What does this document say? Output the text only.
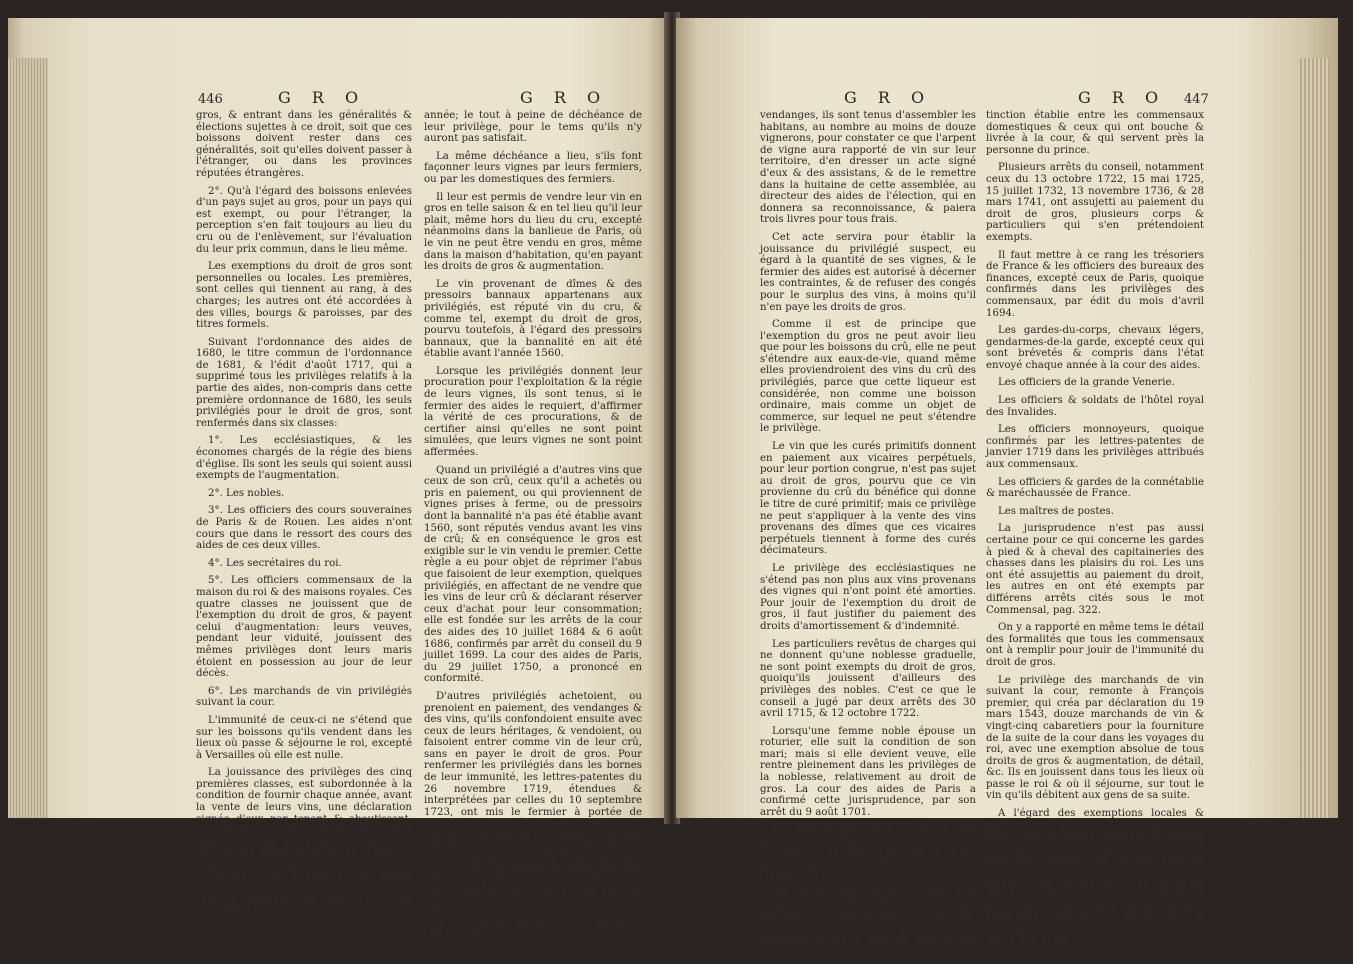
446	G R O	G R O

gros, & entrant dans les généralités & élections sujettes à ce droit, soit que ces boissons doivent rester dans ces généralités, soit qu'elles doivent passer à l'étranger, ou dans les provinces réputées étrangères.

2°. Qu'à l'égard des boissons enlevées d'un pays sujet au gros, pour un pays qui est exempt, ou pour l'étranger, la perception s'en fait toujours au lieu du cru ou de l'enlèvement, sur l'évaluation du leur prix commun, dans le lieu même.

Les exemptions du droit de gros sont personnelles ou locales. Les premières, sont celles qui tiennent au rang, à des charges; les autres ont été accordées à des villes, bourgs & paroisses, par des titres formels.

Suivant l'ordonnance des aides de 1680, le titre commun de l'ordonnance de 1681, & l'édit d'août 1717, qui a supprimé tous les privilèges relatifs à la partie des aides, non-compris dans cette première ordonnance de 1680, les seuls privilégiés pour le droit de gros, sont renfermés dans six classes:

1°. Les ecclésiastiques, & les économes chargés de la régie des biens d'église. Ils sont les seuls qui soient aussi exempts de l'augmentation.

2°. Les nobles.

3°. Les officiers des cours souveraines de Paris & de Rouen. Les aides n'ont cours que dans le ressort des cours des aides de ces deux villes.

4°. Les secrétaires du roi.

5°. Les officiers commensaux de la maison du roi & des maisons royales. Ces quatre classes ne jouissent que de l'exemption du droit de gros, & payent celui d'augmentation: leurs veuves, pendant leur viduité, jouissent des mêmes privilèges dont leurs maris étoient en possession au jour de leur décès.

6°. Les marchands de vin privilégiés suivant la cour.

L'immunité de ceux-ci ne s'étend que sur les boissons qu'ils vendent dans les lieux où passe & séjourne le roi, excepté à Versailles où elle est nulle.

La jouissance des privilèges des cinq premières classes, est subordonnée à la condition de fournir chaque année, avant la vente de leurs vins, une déclaration signée d'eux par tenant & aboutissant, contenant la quantité des vignes qui font l'objet de leur privilège, c'est-à-dire à l'égard des ecclésiastiques, de celles qui dépendent de leurs bénéfices ou titres sacerdotaux; & à l'égard des autres privilégiés, des boissons qui sont de leur cru, la quantité de vin qu'ils ont recueillie chaque

année; le tout à peine de déchéance de leur privilège, pour le tems qu'ils n'y auront pas satisfait.

La même déchéance a lieu, s'ils font façonner leurs vignes par leurs fermiers, ou par les domestiques des fermiers.

Il leur est permis de vendre leur vin en gros en telle saison & en tel lieu qu'il leur plait, même hors du lieu du cru, excepté néanmoins dans la banlieue de Paris, où le vin ne peut être vendu en gros, même dans la maison d'habitation, qu'en payant les droits de gros & augmentation.

Le vin provenant de dîmes & des pressoirs bannaux appartenans aux privilégiés, est réputé vin du cru, & comme tel, exempt du droit de gros, pourvu toutefois, à l'égard des pressoirs bannaux, que la bannalité en ait été établie avant l'année 1560.

Lorsque les privilégiés donnent leur procuration pour l'exploitation & la régie de leurs vignes, ils sont tenus, si le fermier des aides le requiert, d'affirmer la vérité de ces procurations, & de certifier ainsi qu'elles ne sont point simulées, que leurs vignes ne sont point affermées.

Quand un privilégié a d'autres vins que ceux de son crû, ceux qu'il a achetés ou pris en paiement, ou qui proviennent de vignes prises à ferme, ou de pressoirs dont la bannalité n'a pas été établie avant 1560, sont réputés vendus avant les vins de crû; & en conséquence le gros est exigible sur le vin vendu le premier. Cette règle a eu pour objet de réprimer l'abus que faisoient de leur exemption, quelques privilégiés, en affectant de ne vendre que les vins de leur crû & déclarant réserver ceux d'achat pour leur consommation; elle est fondée sur les arrêts de la cour des aides des 10 juillet 1684 & 6 août 1686, confirmés par arrêt du conseil du 9 juillet 1699. La cour des aides de Paris, du 29 juillet 1750, a prononcé en conformité.

D'autres privilégiés achetoient, ou prenoient en paiement, des vendanges & des vins, qu'ils confondoient ensuite avec ceux de leurs héritages, & vendoient, ou faisoient entrer comme vin de leur crû, sans en payer le droit de gros. Pour renfermer les privilégiés dans les bornes de leur immunité, les lettres-patentes du 26 novembre 1719, étendues & interprétées par celles du 10 septembre 1723, ont mis le fermier à portée de connoître avec précision, lorsqu'il en est besoin, l'étendue de la récolte de chaque privilégié. Ce règlement l'autorise à faire sommer dans le tems de l'ouverture des vendanges, les maire & échevins des villes, le syndic ou les marguilliers des bourgs ou paroisses, de lui en faire le rapport.

A cet effet, quinze jours après la clôture des

G R O	G R O 447

vendanges, ils sont tenus d'assembler les habitans, au nombre au moins de douze vignerons, pour constater ce que l'arpent de vigne aura rapporté de vin sur leur territoire, d'en dresser un acte signé d'eux & des assistans, & de le remettre dans la huitaine de cette assemblée, au directeur des aides de l'élection, qui en donnera sa reconnoissance, & paiera trois livres pour tous frais.

Cet acte servira pour établir la jouissance du privilégié suspect, eu égard à la quantité de ses vignes, & le fermier des aides est autorisé à décerner les contraintes, & de refuser des congés pour le surplus des vins, à moins qu'il n'en paye les droits de gros.

Comme il est de principe que l'exemption du gros ne peut avoir lieu que pour les boissons du crû, elle ne peut s'étendre aux eaux-de-vie, quand même elles proviendroient des vins du crû des privilégiés, parce que cette liqueur est considérée, non comme une boisson ordinaire, mais comme un objet de commerce, sur lequel ne peut s'étendre le privilège.

Le vin que les curés primitifs donnent en paiement aux vicaires perpétuels, pour leur portion congrue, n'est pas sujet au droit de gros, pourvu que ce vin provienne du crû du bénéfice qui donne le titre de curé primitif; mais ce privilège ne peut s'appliquer à la vente des vins provenans des dîmes que ces vicaires perpétuels tiennent à forme des curés décimateurs.

Le privilège des ecclésiastiques ne s'étend pas non plus aux vins provenans des vignes qui n'ont point été amorties. Pour jouir de l'exemption du droit de gros, il faut justifier du paiement des droits d'amortissement & d'indemnité.

Les particuliers revêtus de charges qui ne donnent qu'une noblesse graduelle, ne sont point exempts du droit de gros, quoiqu'ils jouissent d'ailleurs des privilèges des nobles. C'est ce que le conseil a jugé par deux arrêts des 30 avril 1715, & 12 octobre 1722.

Lorsqu'une femme noble épouse un roturier, elle suit la condition de son mari; mais si elle devient veuve, elle rentre pleinement dans les privilèges de la noblesse, relativement au droit de gros. La cour des aides de Paris a confirmé cette jurisprudence, par son arrêt du 9 août 1701.

Les Suisses qui sont à la solde du roi, jouissent des privilèges des nobles, & par conséquent de l'exemption du droit de gros, suivant l'arrêt du conseil du 19 janvier 1723.

On s'est déja expliqué au mot Commensal sur l'étendue des privilèges attachés à la qualité des commensaux, sur l'effet de celui qui concerne particulièrement le droit de gros, & sur la dis-

tinction établie entre les commensaux domestiques & ceux qui ont bouche & livrée à la cour, & qui servent près la personne du prince.

Plusieurs arrêts du conseil, notamment ceux du 13 octobre 1722, 15 mai 1725, 15 juillet 1732, 13 novembre 1736, & 28 mars 1741, ont assujetti au paiement du droit de gros, plusieurs corps & particuliers qui s'en prétendoient exempts.

Il faut mettre à ce rang les trésoriers de France & les officiers des bureaux des finances, excepté ceux de Paris, quoique confirmés dans les privilèges des commensaux, par édit du mois d'avril 1694.

Les gardes-du-corps, chevaux légers, gendarmes-de-la garde, excepté ceux qui sont brévetés & compris dans l'état envoyé chaque année à la cour des aides.

Les officiers de la grande Venerie.

Les officiers & soldats de l'hôtel royal des Invalides.

Les officiers monnoyeurs, quoique confirmés par les lettres-patentes de janvier 1719 dans les privilèges attribués aux commensaux.

Les officiers & gardes de la connétablie & maréchaussée de France.

Les maîtres de postes.

La jurisprudence n'est pas aussi certaine pour ce qui concerne les gardes à pied & à cheval des capitaineries des chasses dans les plaisirs du roi. Les uns ont été assujettis au paiement du droit, les autres en ont été exempts par différens arrêts cités sous le mot Commensal, pag. 322.

On y a rapporté en même tems le détail des formalités que tous les commensaux ont à remplir pour jouir de l'immunité du droit de gros.

Le privilège des marchands de vin suivant la cour, remonte à François premier, qui créa par déclaration du 19 mars 1543, douze marchands de vin & vingt-cinq cabaretiers pour la fourniture de la suite de la cour dans les voyages du roi, avec une exemption absolue de tous droits de gros & augmentation, de détail, &c. Ils en jouissent dans tous les lieux où passe le roi & où il séjourne, sur tout le vin qu'ils débitent aux gens de sa suite.

A l'égard des exemptions locales & particulières à des villes ou paroisses, elles sont en grand nombre, & varient suivant les motifs qui les ont fait accorder: comme cet article pourroit paroître incomplet si on n'en faisoit pas mention, on va entrer dans quelques détails à ce sujet, en les resserrant néanmoins autant qu'il sera possible. Voici l'état alphabétique de ces villes & lieux privilégiés, en conformité du tarif du 25 mai 1688.
